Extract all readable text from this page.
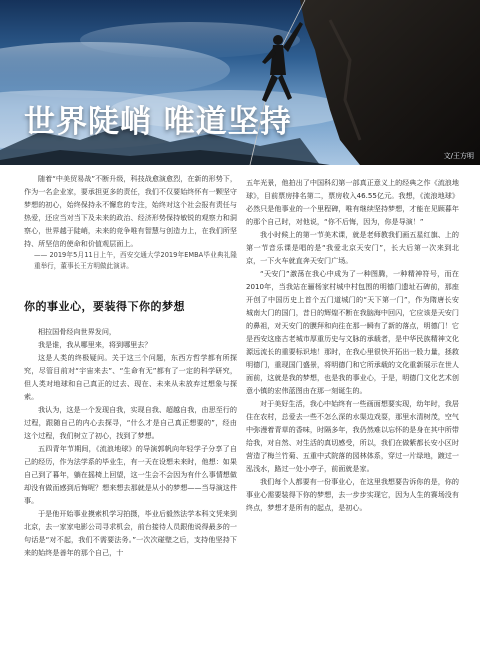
世界陡峭 唯道坚持
文/王方明

随着“中美贸易战”不断升级，科技战愈演愈烈，在新的形势下，作为一名企业家，要承担更多的责任，我们不仅要始终怀有一颗坚守梦想的初心，始终保持永不懈怠的专注，始终对这个社会报有责任与热爱，还应当对当下及未来的政治、经济形势保持敏锐的观察力和洞察心，世界越于陡峭，未来的竞争唯有智慧与创造力上，在我们所坚持、所坚信的使命和价值观层面上。

—— 2019年5月11日上午，西安交通大学2019年EMBA毕业典礼隆重举行，董事长王方明做此演讲。

你的事业心，要装得下你的梦想

相拉国骨经向世界发问，

我是谁，我从哪里来，将到哪里去？

这是人类的终极疑问。关于这三个问题，东西方哲学都有所探究，尽管目前对“宇宙来去”、“生命有无”都有了一定的科学研究，但人类对地球和自己真正的过去、现在、未来从未放弃过想象与探索。

我认为，这是一个发现自我，实现自我、超越自我，由思至行的过程，跟随自己的内心去探寻，“什么才是自己真正想要的”，经由这个过程，我们树立了初心，找到了梦想。

五四青年节期间，《流浪地球》的导演郭帆向年轻学子分享了自己的经历，作为法学系的毕业生，有一天在设想未来时，他想：如果自己到了暮年，躺在摇椅上回望，这一生会不会因为有什么事情想做却没有做而感到后悔呢？想来想去那就是从小的梦想——当导演这件事。

于是他开始事业摸索机学习拍摄，毕业后毅然法学本科文凭来到北京，去一家家电影公司寻求机会，前台接待人员跟他说得最多的一句话是“对不起，我们不需要法务。”一次次碰壁之后，支持他坚持下来的始终是善年的那个自己，十

五年光景，他拍出了中国科幻第一部真正意义上的经典之作《流浪地球》，目前票房排名第二，票房收入46.55亿元。我想，《流浪地球》必然只是他事业的一个里程碑，唯有继续坚持梦想，才能在见顾暮年的那个自己时，对他说，“你不后悔，因为，你是导演！”

我小时候上的第一节美术课，就是老师教我们画五星红旗、上的第一节音乐课是唱的是“我爱北京天安门”，长大后第一次来到北京，一下火车就直奔天安门广场。

“天安门”激荡在我心中成为了一种图腾，一种精神符号，而在2010年，当我站在骊杨家村城中村包围的明德门遗址石碑前，那座开创了中国历史上首个五门道城门的“天下第一门”，作为隋唐长安城南大门的国门，昔日的辉煌不断在我脑海中回闪，它应该是天安门的鼻祖，对天安门的膜拜和向往在那一瞬有了新的落点，明德门！它是西安这座古老城市厚重历史与文脉的承载者，是中华民族精神文化源远流长的重要标识地！那时，在我心里很快开拓出一股力量，拯救明德门，重现国门盛景，将明德门和它所承载的文化重新展示在世人面前，这就是我的梦想，也是我的事业心，于是，明德门文化艺术创意小镇的宏伟蓝图由在那一刻诞生的。

对于美好生活，我心中始终有一些画面想要实现，幼年时，我居住在农村，总爱去一些不怎么深的水渠边戏耍，那里水清树茂，空气中弥漫着青草的香味，时隔多年，我仍然难以忘怀的是身在其中所带给我，对自然、对生活的真切感受，所以，我们在做紫都长安小区时营造了梅兰竹菊、五重中式院落的园林体系，穿过一片绿地，踱过一泓浅水，路过一处小亭子，前面就是家。

我们每个人都要有一份事业心，在这里我想要告诉你的是，你的事业心需要装得下你的梦想，去一步步实现它，因为人生的赛场没有终点，梦想才是所有的起点，是初心。
